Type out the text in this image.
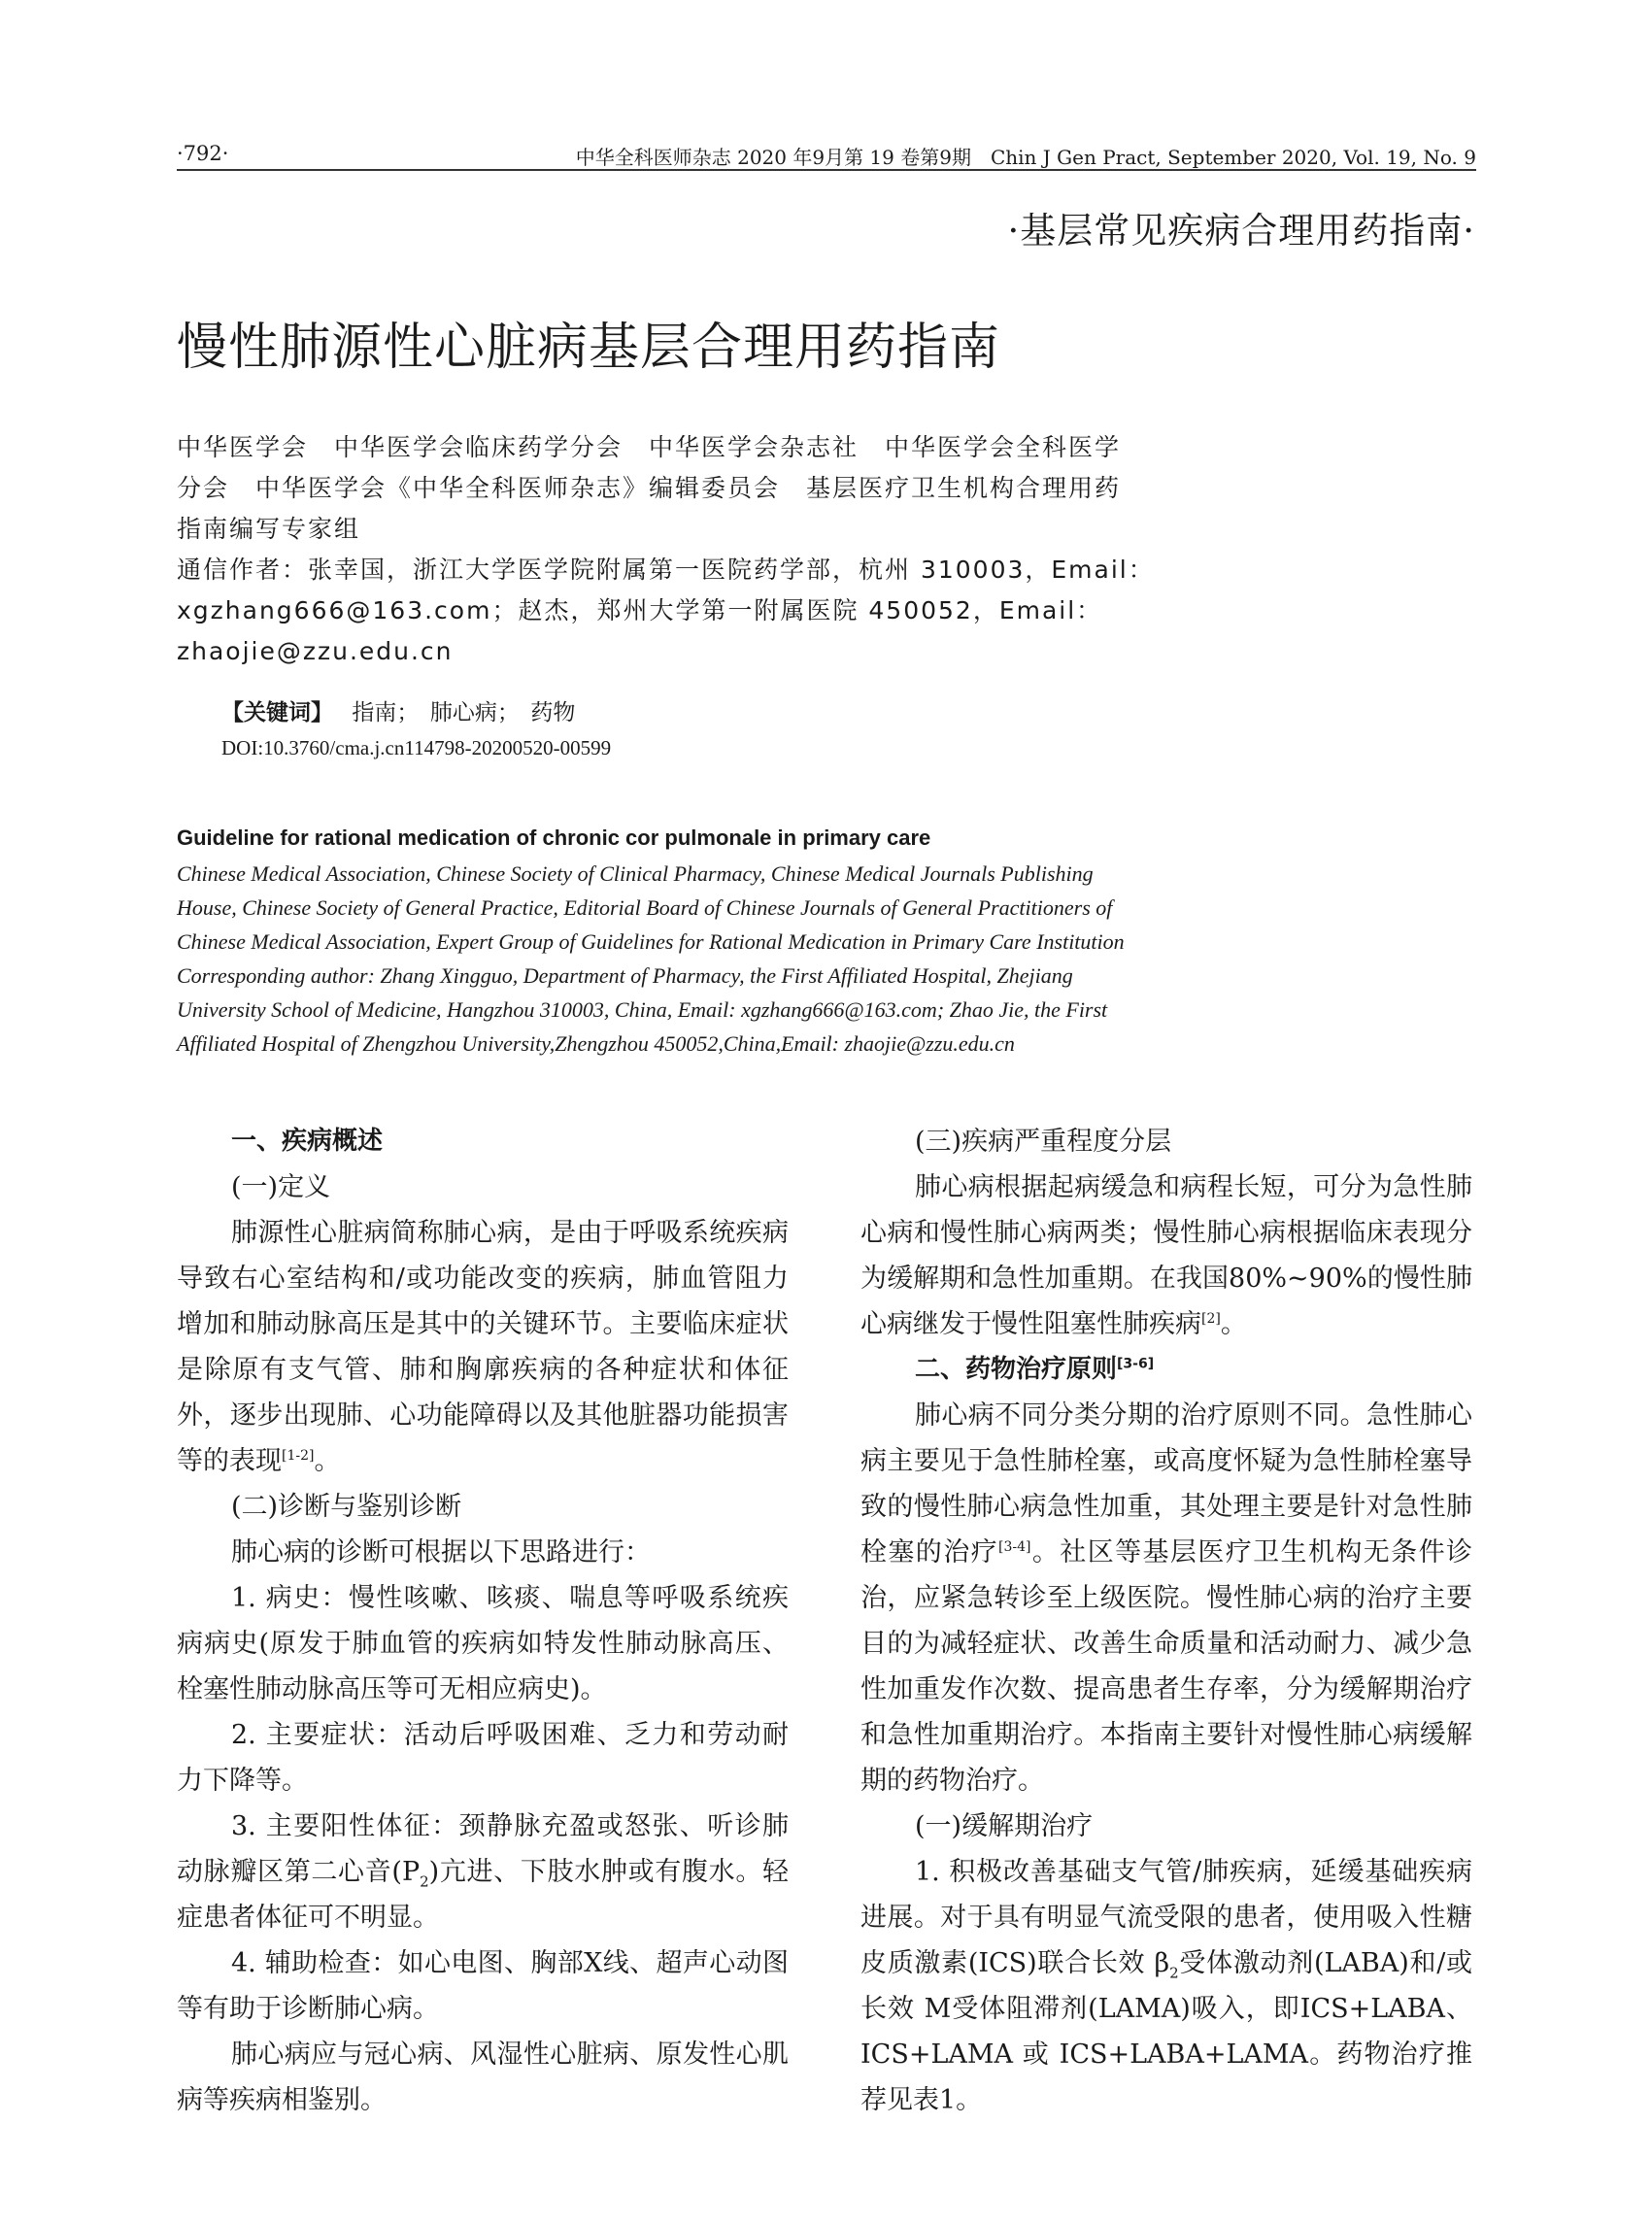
·792·	中华全科医师杂志 2020 年9月第 19 卷第9期　Chin J Gen Pract, September 2020, Vol. 19, No. 9
·基层常见疾病合理用药指南·
慢性肺源性心脏病基层合理用药指南

中华医学会　中华医学会临床药学分会　中华医学会杂志社　中华医学会全科医学

分会　中华医学会《中华全科医师杂志》编辑委员会　基层医疗卫生机构合理用药

指南编写专家组

通信作者：张幸国，浙江大学医学院附属第一医院药学部，杭州 310003，Email：

xgzhang666@163.com；赵杰，郑州大学第一附属医院 450052，Email：zhaojie@zzu.edu.cn

【关键词】 指南；　肺心病；　药物
DOI:10.3760/cma.j.cn114798-20200520-00599
Guideline for rational medication of chronic cor pulmonale in primary care

Chinese Medical Association, Chinese Society of Clinical Pharmacy, Chinese Medical Journals Publishing

House, Chinese Society of General Practice, Editorial Board of Chinese Journals of General Practitioners of

Chinese Medical Association, Expert Group of Guidelines for Rational Medication in Primary Care Institution

Corresponding author: Zhang Xingguo, Department of Pharmacy, the First Affiliated Hospital, Zhejiang

University School of Medicine, Hangzhou 310003, China, Email: xgzhang666@163.com; Zhao Jie, the First

Affiliated Hospital of Zhengzhou University,Zhengzhou 450052,China,Email: zhaojie@zzu.edu.cn

一、疾病概述

(一)定义

肺源性心脏病简称肺心病，是由于呼吸系统疾病导致右心室结构和/或功能改变的疾病，肺血管阻力增加和肺动脉高压是其中的关键环节。主要临床症状是除原有支气管、肺和胸廓疾病的各种症状和体征外，逐步出现肺、心功能障碍以及其他脏器功能损害等的表现[1-2]。

(二)诊断与鉴别诊断

肺心病的诊断可根据以下思路进行：

1. 病史：慢性咳嗽、咳痰、喘息等呼吸系统疾病病史(原发于肺血管的疾病如特发性肺动脉高压、栓塞性肺动脉高压等可无相应病史)。

2. 主要症状：活动后呼吸困难、乏力和劳动耐力下降等。

3. 主要阳性体征：颈静脉充盈或怒张、听诊肺动脉瓣区第二心音$(P_2)$亢进、下肢水肿或有腹水。轻症患者体征可不明显。

4. 辅助检查：如心电图、胸部X线、超声心动图等有助于诊断肺心病。

肺心病应与冠心病、风湿性心脏病、原发性心肌病等疾病相鉴别。

(三)疾病严重程度分层

肺心病根据起病缓急和病程长短，可分为急性肺心病和慢性肺心病两类；慢性肺心病根据临床表现分为缓解期和急性加重期。在我国80%~90%的慢性肺心病继发于慢性阻塞性肺疾病[2]。

二、药物治疗原则[3-6]

肺心病不同分类分期的治疗原则不同。急性肺心病主要见于急性肺栓塞，或高度怀疑为急性肺栓塞导致的慢性肺心病急性加重，其处理主要是针对急性肺栓塞的治疗[3-4]。社区等基层医疗卫生机构无条件诊治，应紧急转诊至上级医院。慢性肺心病的治疗主要目的为减轻症状、改善生命质量和活动耐力、减少急性加重发作次数、提高患者生存率，分为缓解期治疗和急性加重期治疗。本指南主要针对慢性肺心病缓解期的药物治疗。

(一)缓解期治疗

1. 积极改善基础支气管/肺疾病，延缓基础疾病进展。对于具有明显气流受限的患者，使用吸入性糖皮质激素(ICS)联合长效 $\beta_2$受体激动剂(LABA)和/或长效 M受体阻滞剂(LAMA)吸入，即ICS+LABA、ICS+LAMA 或 ICS+LABA+LAMA。药物治疗推荐见表1。
